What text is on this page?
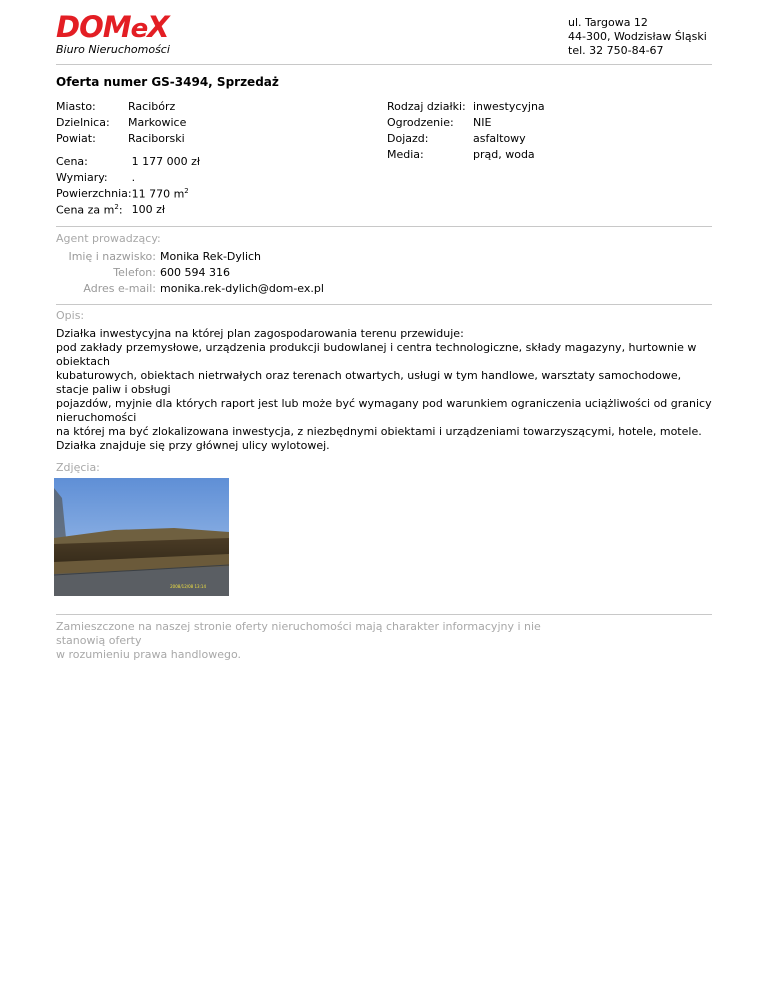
DOMeX
Biuro Nieruchomości
ul. Targowa 12
44-300, Wodzisław Śląski
tel. 32 750-84-67
Oferta numer GS-3494, Sprzedaż
Miasto:	Racibórz
Dzielnica:	Markowice
Powiat:	Raciborski
Cena:	1 177 000 zł
Wymiary:	.
Powierzchnia:	11 770 $m^2$
Cena za $m^2$:	100 zł
Rodzaj działki:	inwestycyjna
Ogrodzenie:	NIE
Dojazd:	asfaltowy
Media:	prąd, woda
Agent prowadzący:
Imię i nazwisko:	Monika Rek-Dylich
Telefon:	600 594 316
Adres e-mail:	monika.rek-dylich@dom-ex.pl
Opis:
Działka inwestycyjna na której plan zagospodarowania terenu przewiduje:
pod zakłady przemysłowe, urządzenia produkcji budowlanej i centra technologiczne, składy magazyny, hurtownie w obiektach
kubaturowych, obiektach nietrwałych oraz terenach otwartych, usługi w tym handlowe, warsztaty samochodowe, stacje paliw i obsługi
pojazdów, myjnie dla których raport jest lub może być wymagany pod warunkiem ograniczenia uciążliwości od granicy nieruchomości
na której ma być zlokalizowana inwestycja, z niezbędnymi obiektami i urządzeniami towarzyszącymi, hotele, motele.
Działka znajduje się przy głównej ulicy wylotowej.
Zdjęcia:
2008/12/08 13:14
Zamieszczone na naszej stronie oferty nieruchomości mają charakter informacyjny i nie stanowią oferty
w rozumieniu prawa handlowego.
